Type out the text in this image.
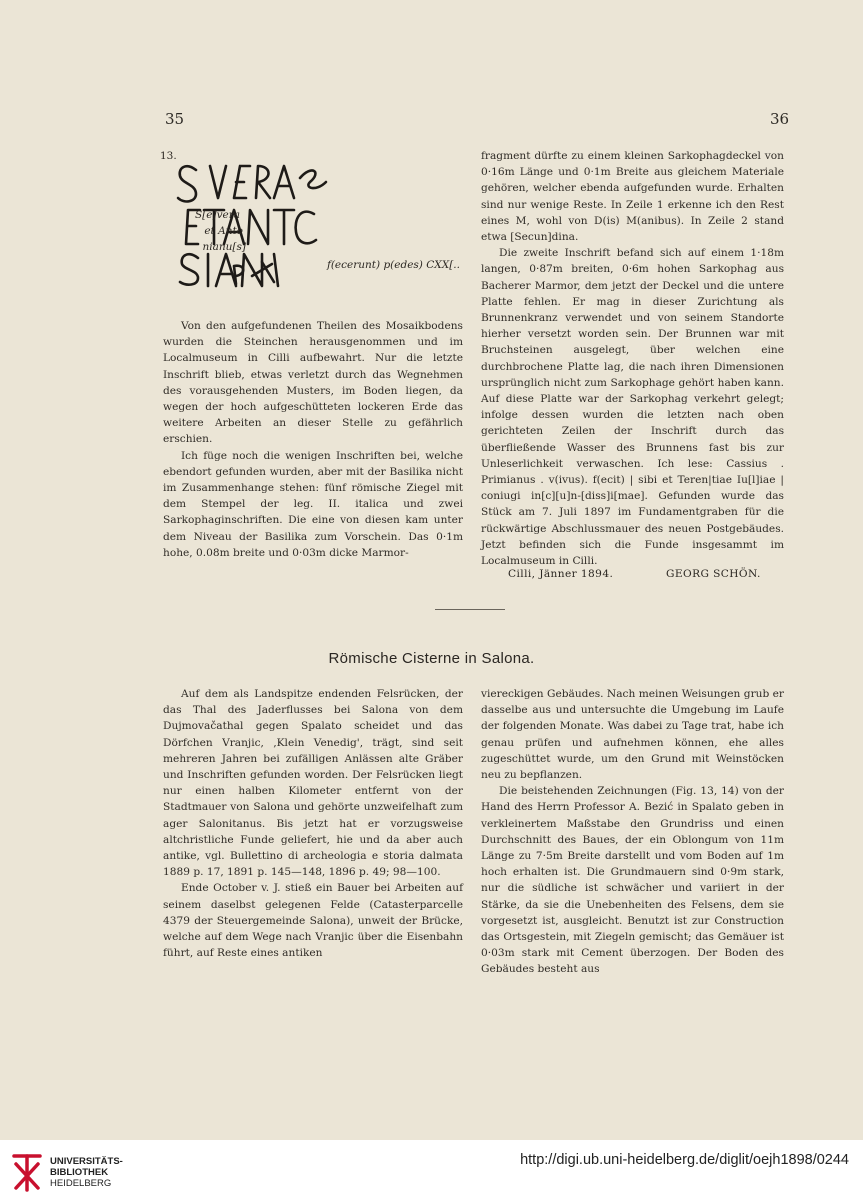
35	36
13.
S[e]vera
et Anto
nianu[s]
f(ecerunt) p(edes) CXX[..

Von den aufgefundenen Theilen des Mosaikbodens wurden die Steinchen herausgenommen und im Localmuseum in Cilli aufbewahrt. Nur die letzte Inschrift blieb, etwas verletzt durch das Wegnehmen des vorausgehenden Musters, im Boden liegen, da wegen der hoch aufgeschütteten lockeren Erde das weitere Arbeiten an dieser Stelle zu gefährlich erschien.

Ich füge noch die wenigen Inschriften bei, welche ebendort gefunden wurden, aber mit der Basilika nicht im Zusammenhange stehen: fünf römische Ziegel mit dem Stempel der leg. II. italica und zwei Sarkophaginschriften. Die eine von diesen kam unter dem Niveau der Basilika zum Vorschein. Das 0·1m hohe, 0.08m breite und 0·03m dicke Marmor-

fragment dürfte zu einem kleinen Sarkophagdeckel von 0·16m Länge und 0·1m Breite aus gleichem Materiale gehören, welcher ebenda aufgefunden wurde. Erhalten sind nur wenige Reste. In Zeile 1 erkenne ich den Rest eines M, wohl von D(is) M(anibus). In Zeile 2 stand etwa [Secun]dina.

Die zweite Inschrift befand sich auf einem 1·18m langen, 0·87m breiten, 0·6m hohen Sarkophag aus Bacherer Marmor, dem jetzt der Deckel und die untere Platte fehlen. Er mag in dieser Zurichtung als Brunnenkranz verwendet und von seinem Standorte hierher versetzt worden sein. Der Brunnen war mit Bruchsteinen ausgelegt, über welchen eine durchbrochene Platte lag, die nach ihren Dimensionen ursprünglich nicht zum Sarkophage gehört haben kann. Auf diese Platte war der Sarkophag verkehrt gelegt; infolge dessen wurden die letzten nach oben gerichteten Zeilen der Inschrift durch das überfließende Wasser des Brunnens fast bis zur Unleserlichkeit verwaschen. Ich lese: Cassius . Primianus . v(ivus). f(ecit) | sibi et Teren|tiae Iu[l]iae | coniugi in[c][u]n-[diss]i[mae]. Gefunden wurde das Stück am 7. Juli 1897 im Fundamentgraben für die rückwärtige Abschlussmauer des neuen Postgebäudes. Jetzt befinden sich die Funde insgesammt im Localmuseum in Cilli.

Cilli, Jänner 1894.	GEORG SCHÖN.
Römische Cisterne in Salona.

Auf dem als Landspitze endenden Felsrücken, der das Thal des Jaderflusses bei Salona von dem Dujmovačathal gegen Spalato scheidet und das Dörfchen Vranjic, ‚Klein Venedig', trägt, sind seit mehreren Jahren bei zufälligen Anlässen alte Gräber und Inschriften gefunden worden. Der Felsrücken liegt nur einen halben Kilometer entfernt von der Stadtmauer von Salona und gehörte unzweifelhaft zum ager Salonitanus. Bis jetzt hat er vorzugsweise altchristliche Funde geliefert, hie und da aber auch antike, vgl. Bullettino di archeologia e storia dalmata 1889 p. 17, 1891 p. 145—148, 1896 p. 49; 98—100.

Ende October v. J. stieß ein Bauer bei Arbeiten auf seinem daselbst gelegenen Felde (Catasterparcelle 4379 der Steuergemeinde Salona), unweit der Brücke, welche auf dem Wege nach Vranjic über die Eisenbahn führt, auf Reste eines antiken

viereckigen Gebäudes. Nach meinen Weisungen grub er dasselbe aus und untersuchte die Umgebung im Laufe der folgenden Monate. Was dabei zu Tage trat, habe ich genau prüfen und aufnehmen können, ehe alles zugeschüttet wurde, um den Grund mit Weinstöcken neu zu bepflanzen.

Die beistehenden Zeichnungen (Fig. 13, 14) von der Hand des Herrn Professor A. Bezić in Spalato geben in verkleinertem Maßstabe den Grundriss und einen Durchschnitt des Baues, der ein Oblongum von 11m Länge zu 7·5m Breite darstellt und vom Boden auf 1m hoch erhalten ist. Die Grundmauern sind 0·9m stark, nur die südliche ist schwächer und variiert in der Stärke, da sie die Unebenheiten des Felsens, dem sie vorgesetzt ist, ausgleicht. Benutzt ist zur Construction das Ortsgestein, mit Ziegeln gemischt; das Gemäuer ist 0·03m stark mit Cement überzogen. Der Boden des Gebäudes besteht aus

UNIVERSITÄTS-
BIBLIOTHEK
HEIDELBERG
http://digi.ub.uni-heidelberg.de/diglit/oejh1898/0244
